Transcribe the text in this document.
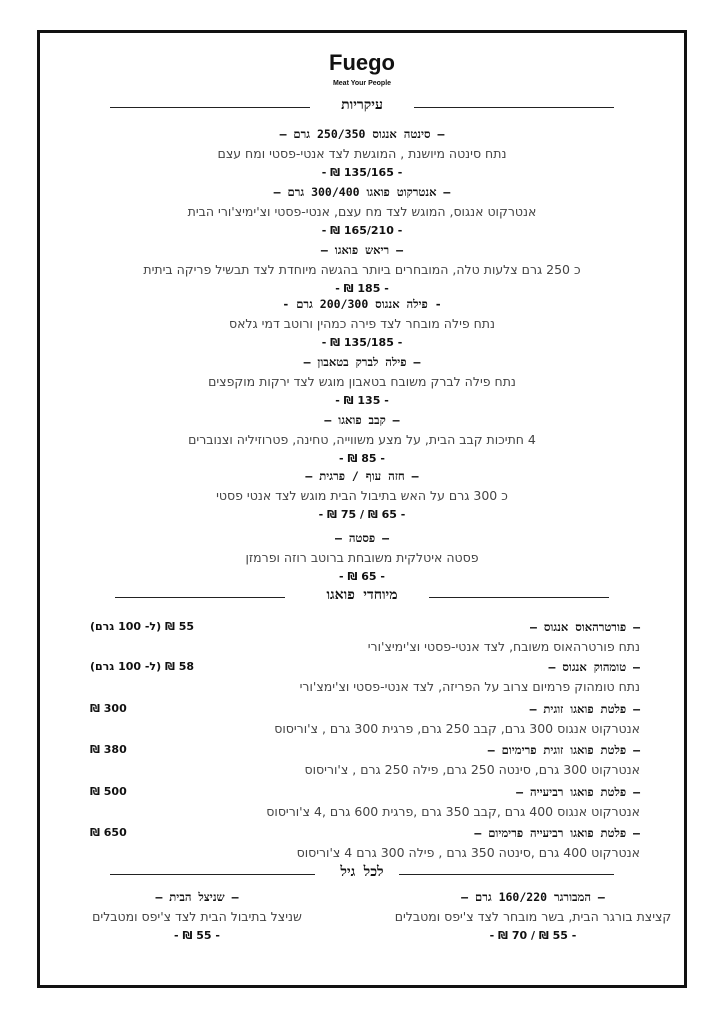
Fuego
Meat Your People
עיקריות
– סינטה אנגוס 250/350 גרם –
נתח סינטה מיושנת , המוגשת לצד אנטי-פסטי ומח עצם
- 135/165 ₪ -
– אנטרקוט פואגו 300/400 גרם –
אנטרקוט אנגוס, המוגש לצד מח עצם, אנטי-פסטי וצ'ימיצ'ורי הבית
- 165/210 ₪ -
– ריאש פואגו –
כ 250 גרם צלעות טלה, המובחרים ביותר בהגשה מיוחדת לצד תבשיל פריקה ביתית
- 185 ₪ -
- פילה אנגוס 200/300 גרם -
נתח פילה מובחר לצד פירה כמהין ורוטב דמי גלאס
- 135/185 ₪ -
– פילה לברק בטאבון –
נתח פילה לברק משובח בטאבון מוגש לצד ירקות מוקפצים
- 135 ₪ -
– קבב פואגו –
4 חתיכות קבב הבית, על מצע משווייה, טחינה, פטרוזיליה וצנוברים
- 85 ₪ -
– חזה עוף / פרגית –
כ 300 גרם על האש בתיבול הבית מוגש לצד אנטי פסטי
- 65 ₪ / 75 ₪ -
– פסטה –
פסטה איטלקית משובחת ברוטב רוזה ופרמזן
- 65 ₪ -
מיוחדי פואגו
– פורטרהאוס אנגוס –
נתח פורטרהאוס משובח, לצד אנטי-פסטי וצ'ימיצ'ורי
55 ₪ (ל- 100 גרם)
– טומהוק אנגוס –
נתח טומהוק פרמיום צרוב על הפריזה, לצד אנטי-פסטי וצ'ימצ'ורי
58 ₪ (ל- 100 גרם)
– פלטת פואגו זוגית –
אנטרקוט אנגוס 300 גרם, קבב 250 גרם, פרגית 300 גרם , צ'וריסוס
300 ₪
– פלטת פואגו זוגית פרימיום –
אנטרקוט 300 גרם, סינטה 250 גרם, פילה 250 גרם , צ'וריסוס
380 ₪
– פלטת פואגו רביעייה –
אנטרקוט אנגוס 400 גרם ,קבב 350 גרם ,פרגית 600 גרם ,4 צ'וריסוס
500 ₪
– פלטת פואגו רביעייה פרימיום –
אנטרקוט 400 גרם ,סינטה 350 גרם , פילה 300 גרם 4 צ'וריסוס
650 ₪
לכל גיל
– המבורגר 160/220 גרם –
קציצת בורגר הבית, בשר מובחר לצד צ'יפס ומטבלים
- 55 ₪ / 70 ₪ -
– שניצל הבית –
שניצל בתיבול הבית לצד צ'יפס ומטבלים
- 55 ₪ -
